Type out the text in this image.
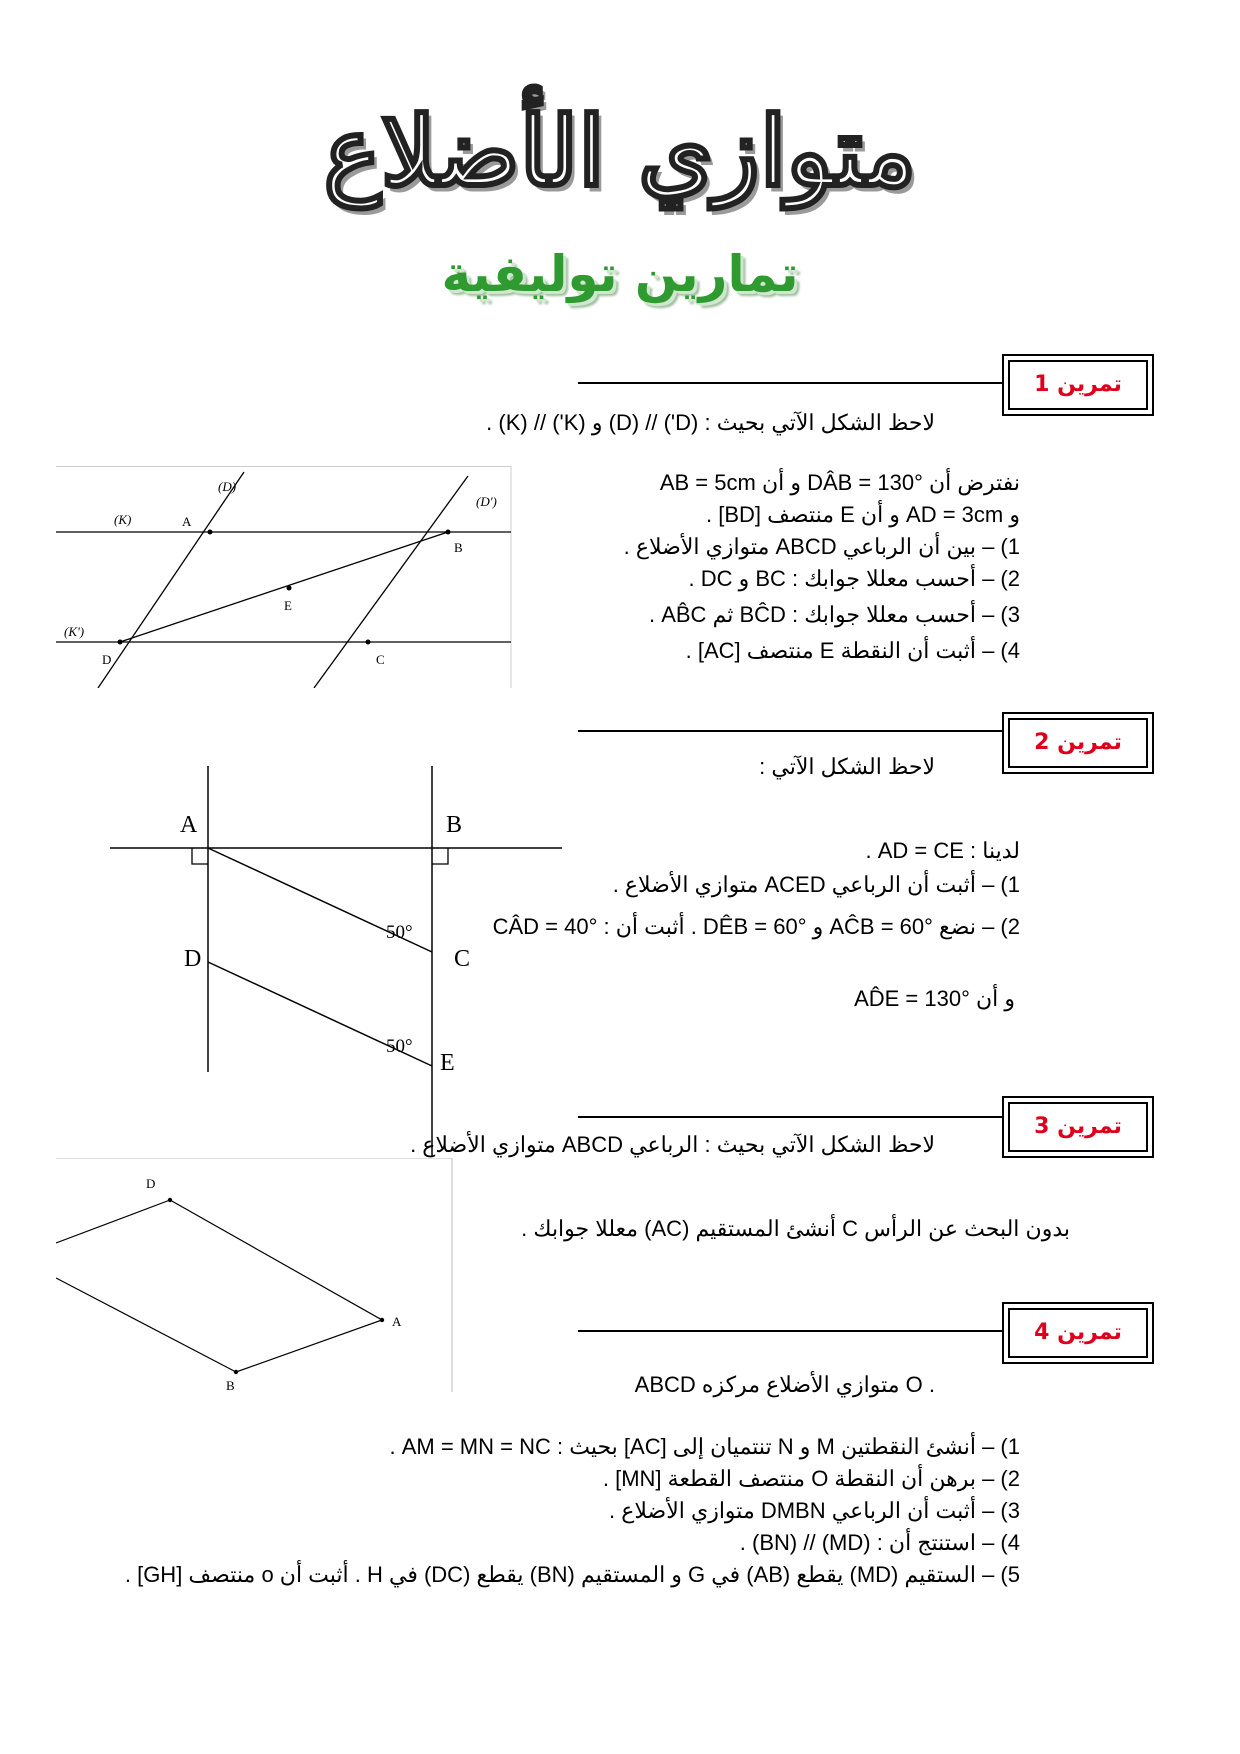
متوازي الأضلاع
تمارين توليفية
تمرين 1
لاحظ الشكل الآتي بحيث : (D') // (D) و (K') // (K) .
نفترض أن DÂB = 130° و أن AB = 5cm
و AD = 3cm و أن E منتصف [BD] .
1) – بين أن الرباعي ABCD متوازي الأضلاع .
2) – أحسب معللا جوابك : BC و DC .
3) – أحسب معللا جوابك : BĈD ثم AB̂C .
4) – أثبت أن النقطة E منتصف [AC] .
(D)
(D')
(K)
(K')
A
B
C
D
E
تمرين 2
لاحظ الشكل الآتي :
لدينا : AD = CE .
1) – أثبت أن الرباعي ACED متوازي الأضلاع .
2) – نضع AĈB = 60° و DÊB = 60° . أثبت أن : CÂD = 40°
و أن AD̂E = 130°
A	B
C
D
E
50°
50°
تمرين 3
لاحظ الشكل الآتي بحيث : الرباعي ABCD متوازي الأضلاع .
بدون البحث عن الرأس C أنشئ المستقيم (AC) معللا جوابك .
D
A
B
تمرين 4
ABCD متوازي الأضلاع مركزه O .
1) – أنشئ النقطتين M و N تنتميان إلى [AC] بحيث : AM = MN = NC .
2) – برهن أن النقطة O منتصف القطعة [MN] .
3) – أثبت أن الرباعي DMBN متوازي الأضلاع .
4) – استنتج أن : (MD) // (BN) .
5) – الستقيم (MD) يقطع (AB) في G و المستقيم (BN) يقطع (DC) في H . أثبت أن o منتصف [GH] .
